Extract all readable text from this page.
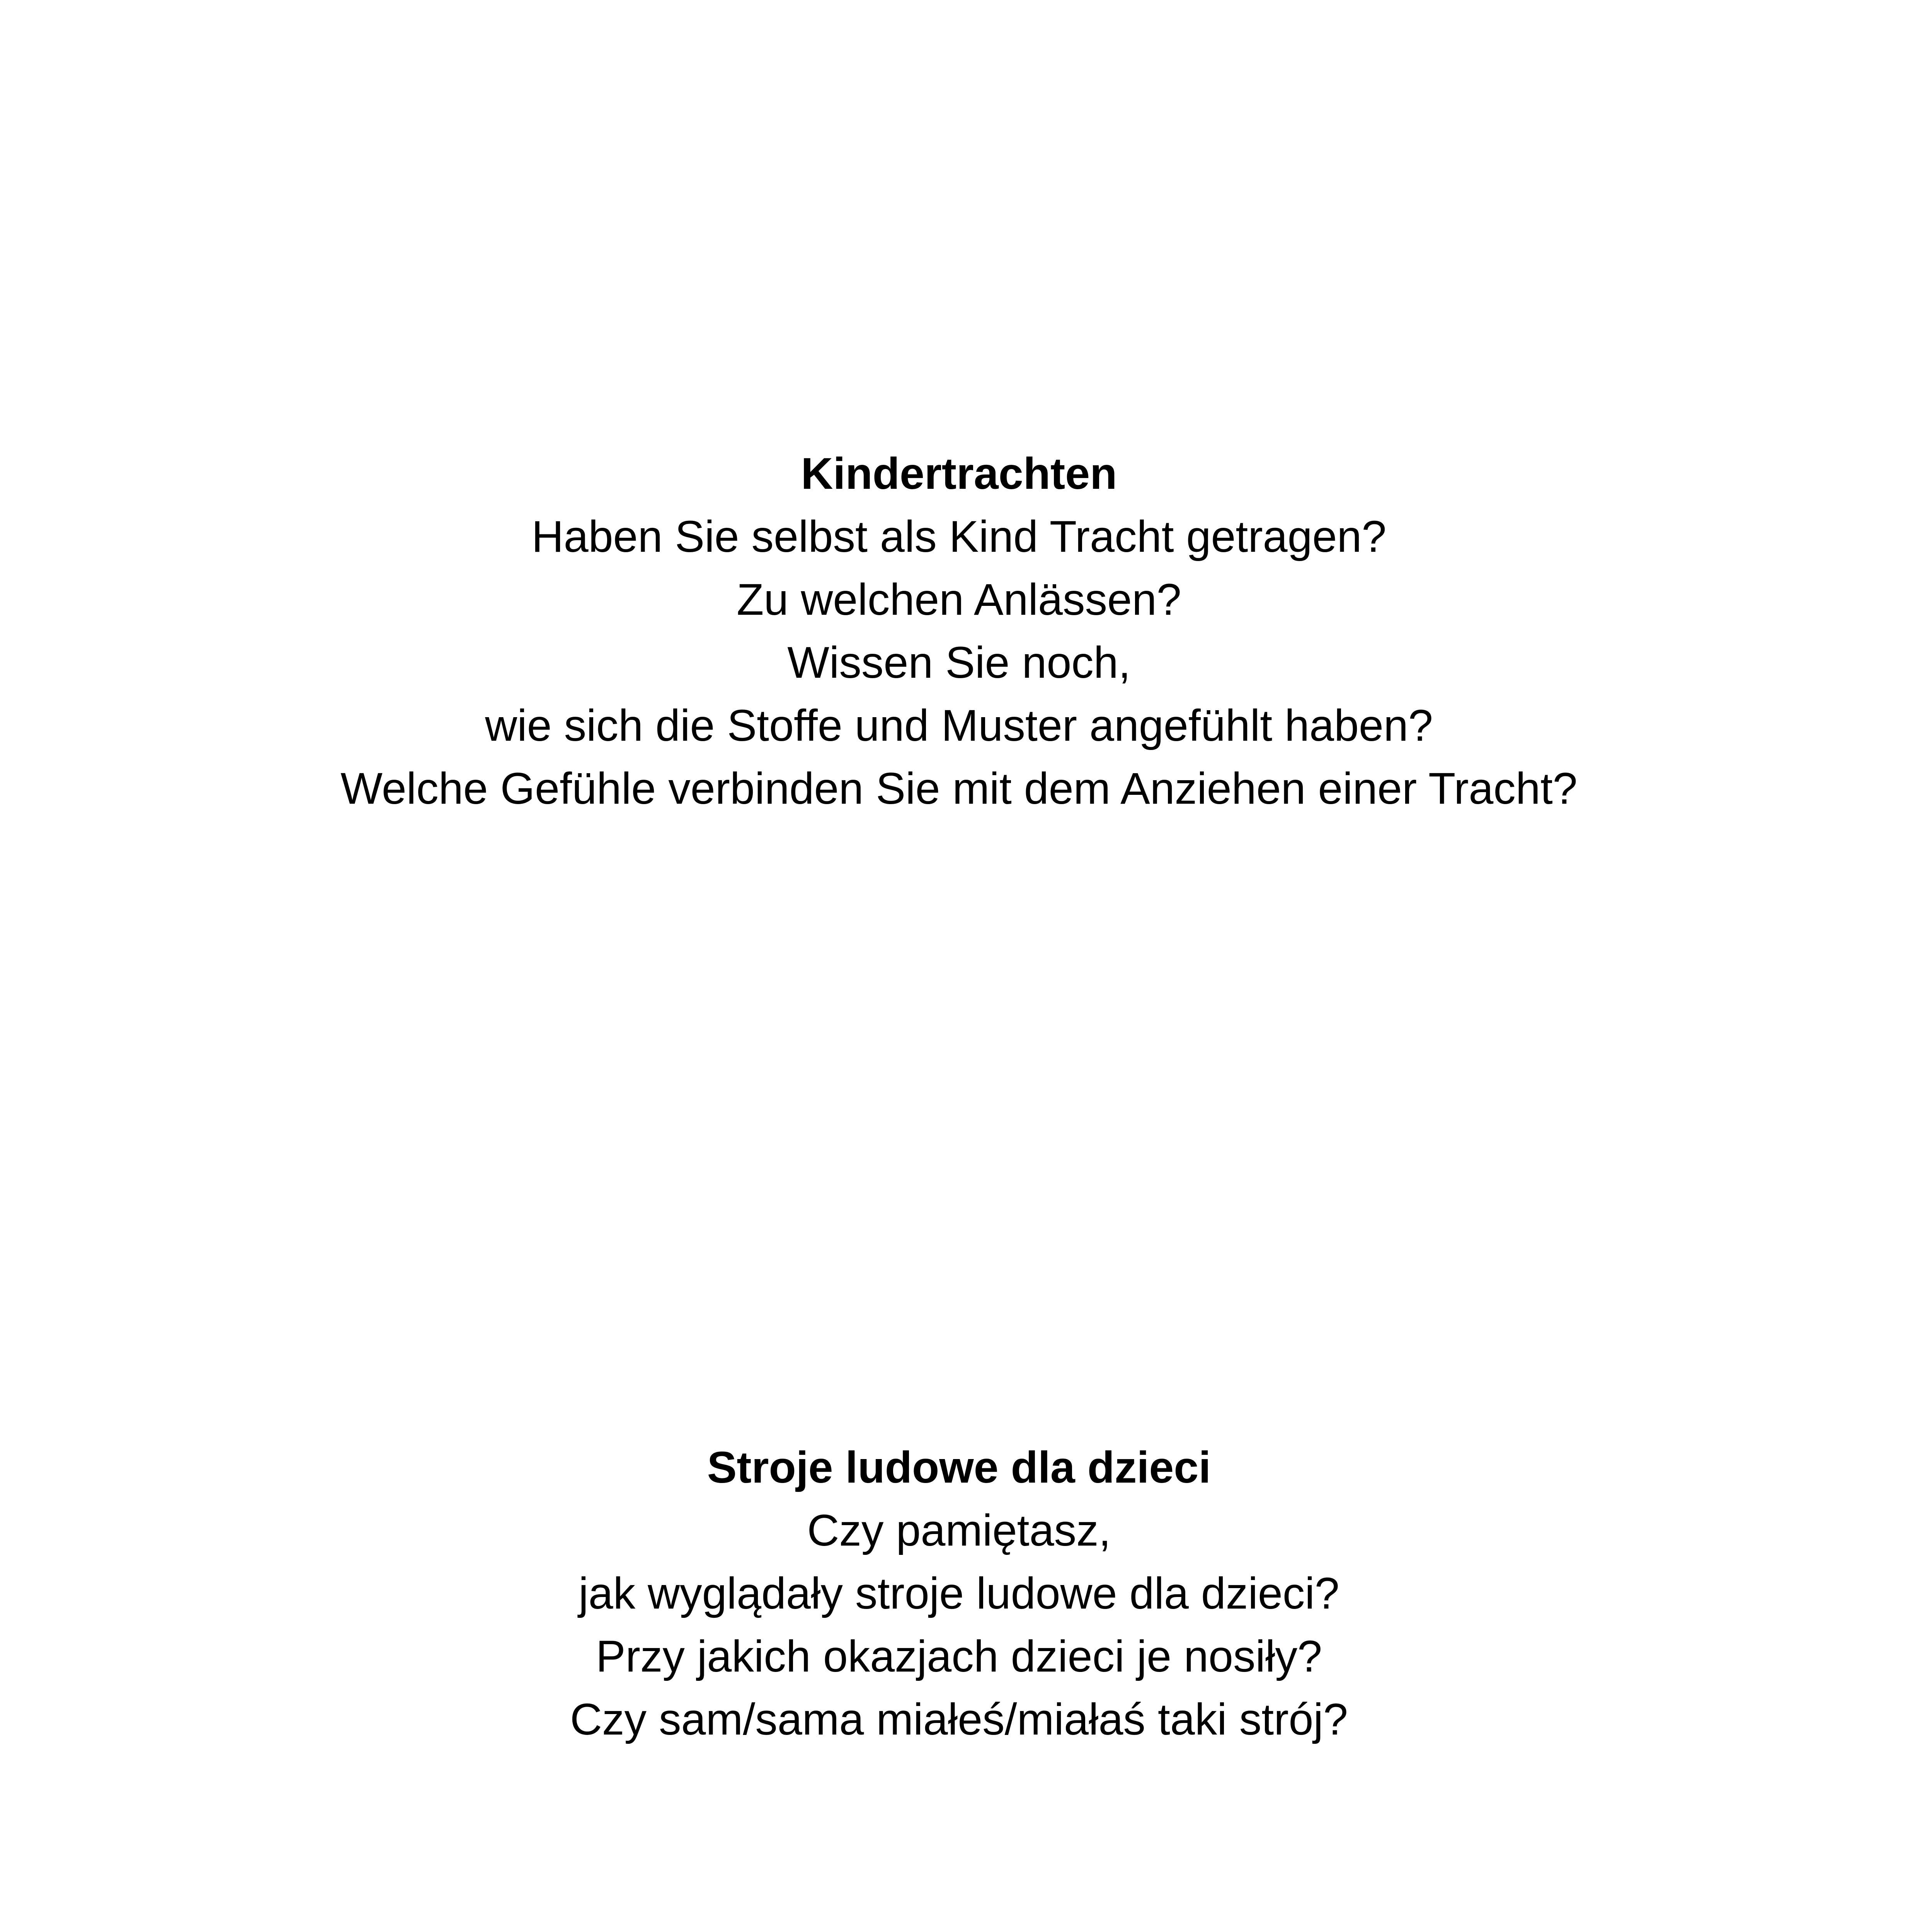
Kindertrachten
Haben Sie selbst als Kind Tracht getragen?
Zu welchen Anlässen?
Wissen Sie noch,
wie sich die Stoffe und Muster angefühlt haben?
Welche Gefühle verbinden Sie mit dem Anziehen einer Tracht?
Stroje ludowe dla dzieci
Czy pamiętasz,
jak wyglądały stroje ludowe dla dzieci?
Przy jakich okazjach dzieci je nosiły?
Czy sam/sama miałeś/miałaś taki strój?
